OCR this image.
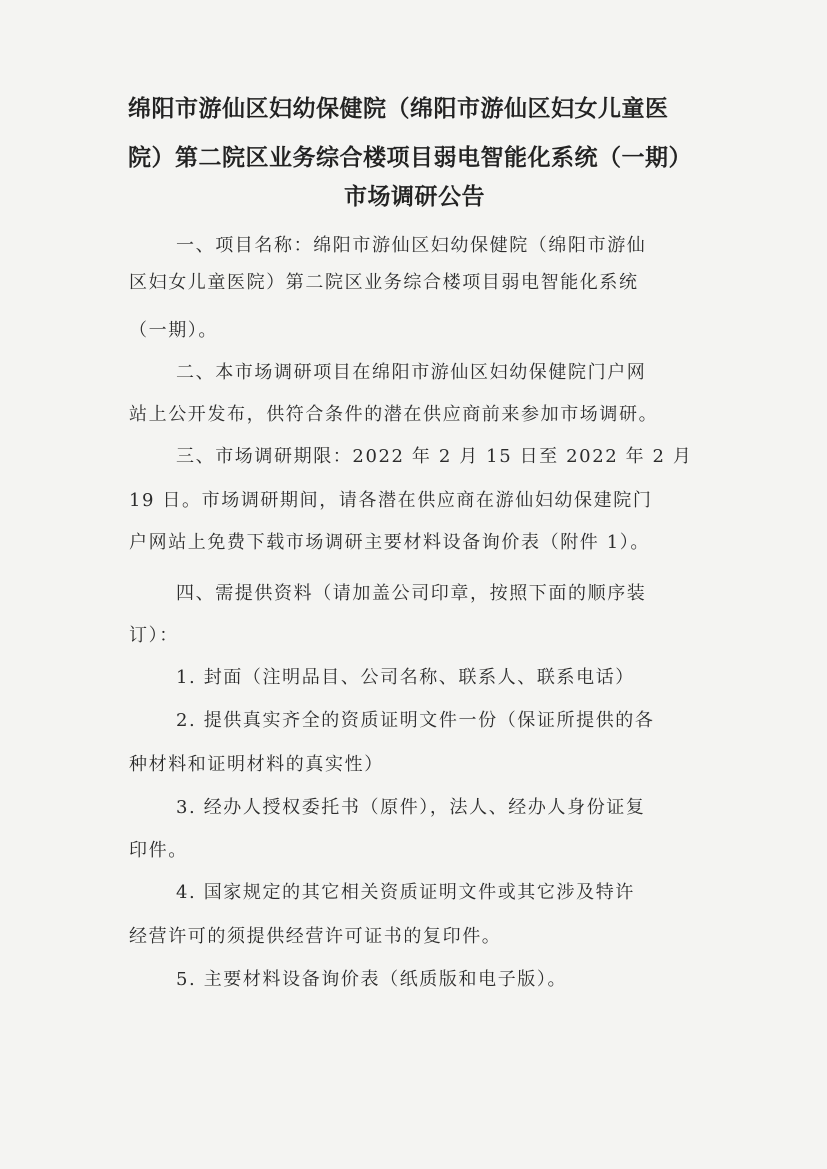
绵阳市游仙区妇幼保健院（绵阳市游仙区妇女儿童医
院）第二院区业务综合楼项目弱电智能化系统（一期）
市场调研公告
一、项目名称：绵阳市游仙区妇幼保健院（绵阳市游仙
区妇女儿童医院）第二院区业务综合楼项目弱电智能化系统
（一期）。
二、本市场调研项目在绵阳市游仙区妇幼保健院门户网
站上公开发布，供符合条件的潜在供应商前来参加市场调研。
三、市场调研期限：2022 年 2 月 15 日至 2022 年 2 月
19 日。市场调研期间，请各潜在供应商在游仙妇幼保建院门
户网站上免费下载市场调研主要材料设备询价表（附件 1）。
四、需提供资料（请加盖公司印章，按照下面的顺序装
订）：
1. 封面（注明品目、公司名称、联系人、联系电话）
2. 提供真实齐全的资质证明文件一份（保证所提供的各
种材料和证明材料的真实性）
3. 经办人授权委托书（原件），法人、经办人身份证复
印件。
4. 国家规定的其它相关资质证明文件或其它涉及特许
经营许可的须提供经营许可证书的复印件。
5. 主要材料设备询价表（纸质版和电子版）。
